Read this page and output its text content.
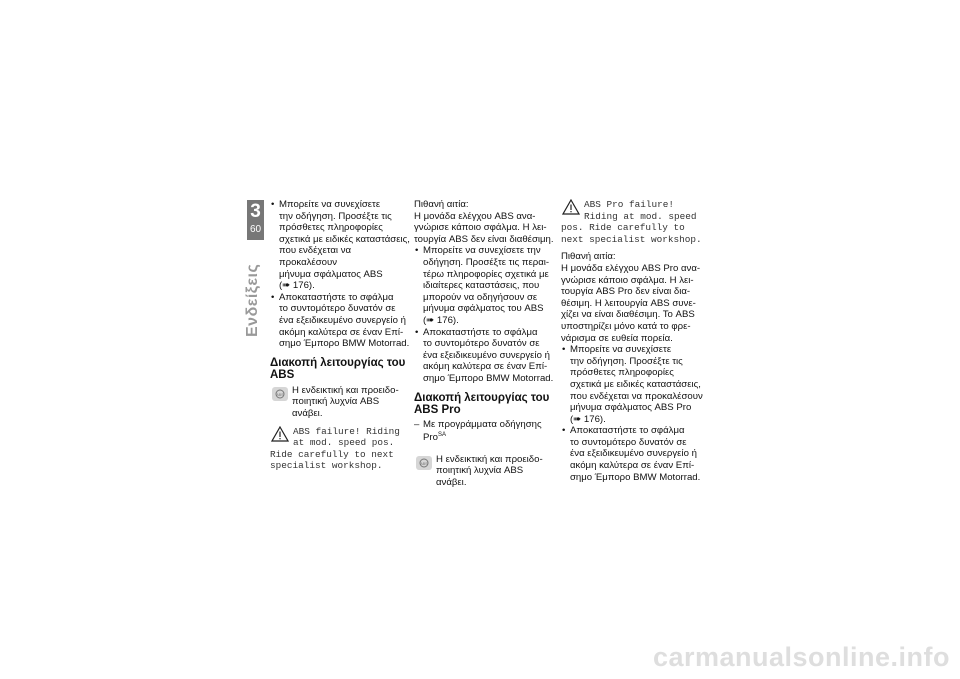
3
60
Ενδείξεις

• Μπορείτε να συνεχίσετε

την οδήγηση. Προσέξτε τις

πρόσθετες πληροφορίες

σχετικά με ειδικές καταστάσεις,

που ενδέχεται να προκαλέσουν

μήνυμα σφάλματος ABS

(➠ 176).

• Αποκαταστήστε το σφάλμα

το συντομότερο δυνατόν σε

ένα εξειδικευμένο συνεργείο ή

ακόμη καλύτερα σε έναν Επί-

σημο Έμπορο BMW Motorrad.

Διακοπή λειτουργίας του
ABS
ABS Η ενδεικτική και προειδο-

ποιητική λυχνία ABS ανάβει.

ABS failure! Riding

at mod. speed pos.

Ride carefully to next

specialist workshop.

Πιθανή αιτία:

Η μονάδα ελέγχου ABS ανα-

γνώρισε κάποιο σφάλμα. Η λει-

τουργία ABS δεν είναι διαθέσιμη.

• Μπορείτε να συνεχίσετε την

οδήγηση. Προσέξτε τις περαι-

τέρω πληροφορίες σχετικά με

ιδιαίτερες καταστάσεις, που

μπορούν να οδηγήσουν σε

μήνυμα σφάλματος του ABS

(➠ 176).

• Αποκαταστήστε το σφάλμα

το συντομότερο δυνατόν σε

ένα εξειδικευμένο συνεργείο ή

ακόμη καλύτερα σε έναν Επί-

σημο Έμπορο BMW Motorrad.

Διακοπή λειτουργίας του
ABS Pro

– Με προγράμματα οδήγησης

Pro$^{SA}$

ABS Η ενδεικτική και προειδο-

ποιητική λυχνία ABS ανάβει.

ABS Pro failure!

Riding at mod. speed

pos. Ride carefully to

next specialist workshop.

Πιθανή αιτία:

Η μονάδα ελέγχου ABS Pro ανα-

γνώρισε κάποιο σφάλμα. Η λει-

τουργία ABS Pro δεν είναι δια-

θέσιμη. Η λειτουργία ABS συνε-

χίζει να είναι διαθέσιμη. Το ABS

υποστηρίζει μόνο κατά το φρε-

νάρισμα σε ευθεία πορεία.

• Μπορείτε να συνεχίσετε

την οδήγηση. Προσέξτε τις

πρόσθετες πληροφορίες

σχετικά με ειδικές καταστάσεις,

που ενδέχεται να προκαλέσουν

μήνυμα σφάλματος ABS Pro

(➠ 176).

• Αποκαταστήστε το σφάλμα

το συντομότερο δυνατόν σε

ένα εξειδικευμένο συνεργείο ή

ακόμη καλύτερα σε έναν Επί-

σημο Έμπορο BMW Motorrad.

carmanualsonline.info
